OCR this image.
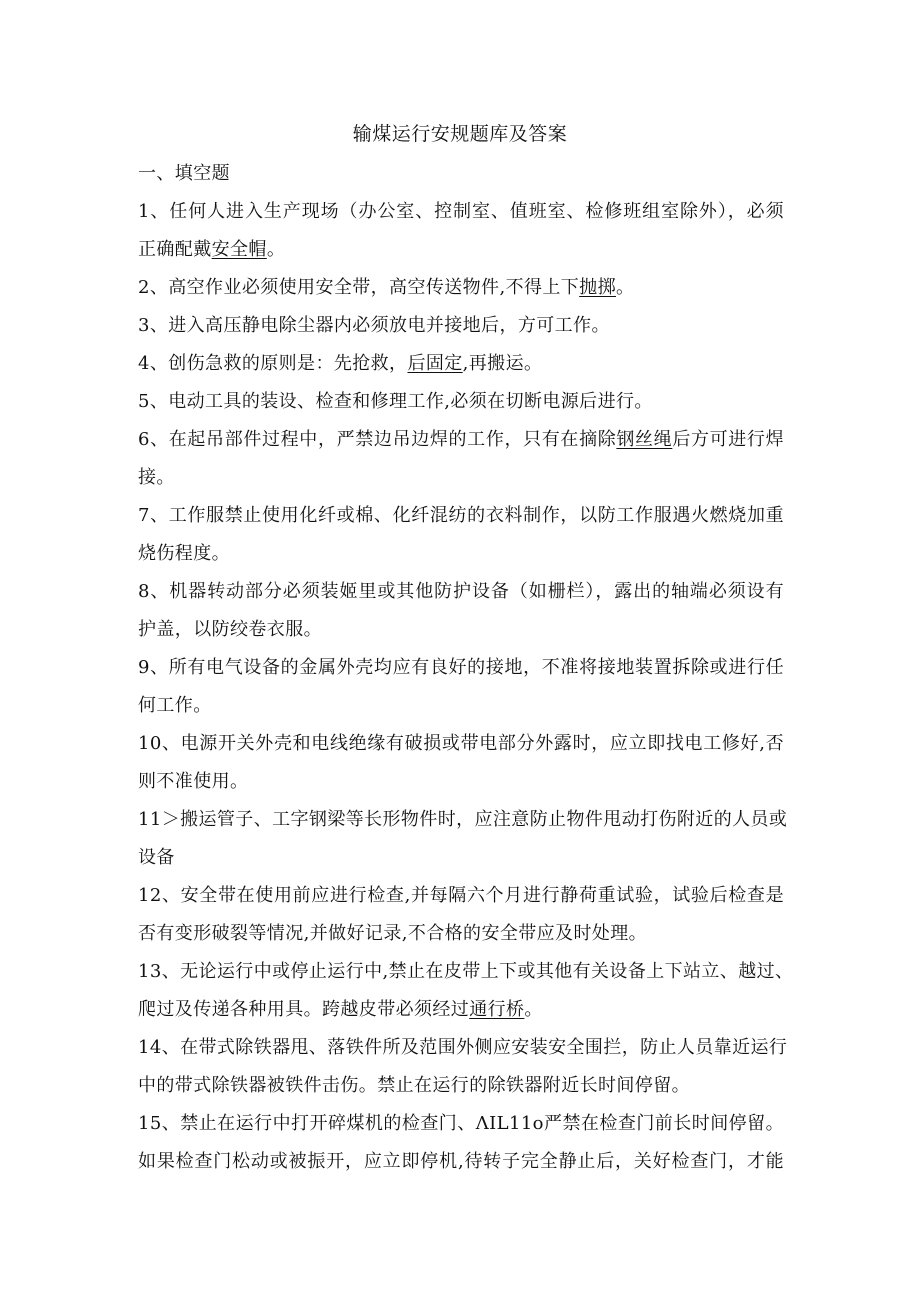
输煤运行安规题库及答案
一、填空题
1、任何人进入生产现场（办公室、控制室、值班室、检修班组室除外），必须
正确配戴安全帽。
2、高空作业必须使用安全带，高空传送物件,不得上下抛掷。
3、进入高压静电除尘器内必须放电并接地后，方可工作。
4、创伤急救的原则是：先抢救，后固定,再搬运。
5、电动工具的装设、检查和修理工作,必须在切断电源后进行。
6、在起吊部件过程中，严禁边吊边焊的工作，只有在摘除钢丝绳后方可进行焊
接。
7、工作服禁止使用化纤或棉、化纤混纺的衣料制作，以防工作服遇火燃烧加重
烧伤程度。
8、机器转动部分必须装姬里或其他防护设备（如栅栏），露出的轴端必须设有
护盖，以防绞卷衣服。
9、所有电气设备的金属外壳均应有良好的接地，不准将接地装置拆除或进行任
何工作。
10、电源开关外壳和电线绝缘有破损或带电部分外露时，应立即找电工修好,否
则不准使用。
11＞搬运管子、工字钢梁等长形物件时，应注意防止物件甩动打伤附近的人员或
设备
12、安全带在使用前应进行检查,并每隔六个月进行静荷重试验，试验后检查是
否有变形破裂等情况,并做好记录,不合格的安全带应及时处理。
13、无论运行中或停止运行中,禁止在皮带上下或其他有关设备上下站立、越过、
爬过及传递各种用具。跨越皮带必须经过通行桥。
14、在带式除铁器甩、落铁件所及范围外侧应安装安全围拦，防止人员靠近运行
中的带式除铁器被铁件击伤。禁止在运行的除铁器附近长时间停留。
15、禁止在运行中打开碎煤机的检查门、ΛIL11o严禁在检查门前长时间停留。
如果检查门松动或被振开，应立即停机,待转子完全静止后，关好检查门，才能
